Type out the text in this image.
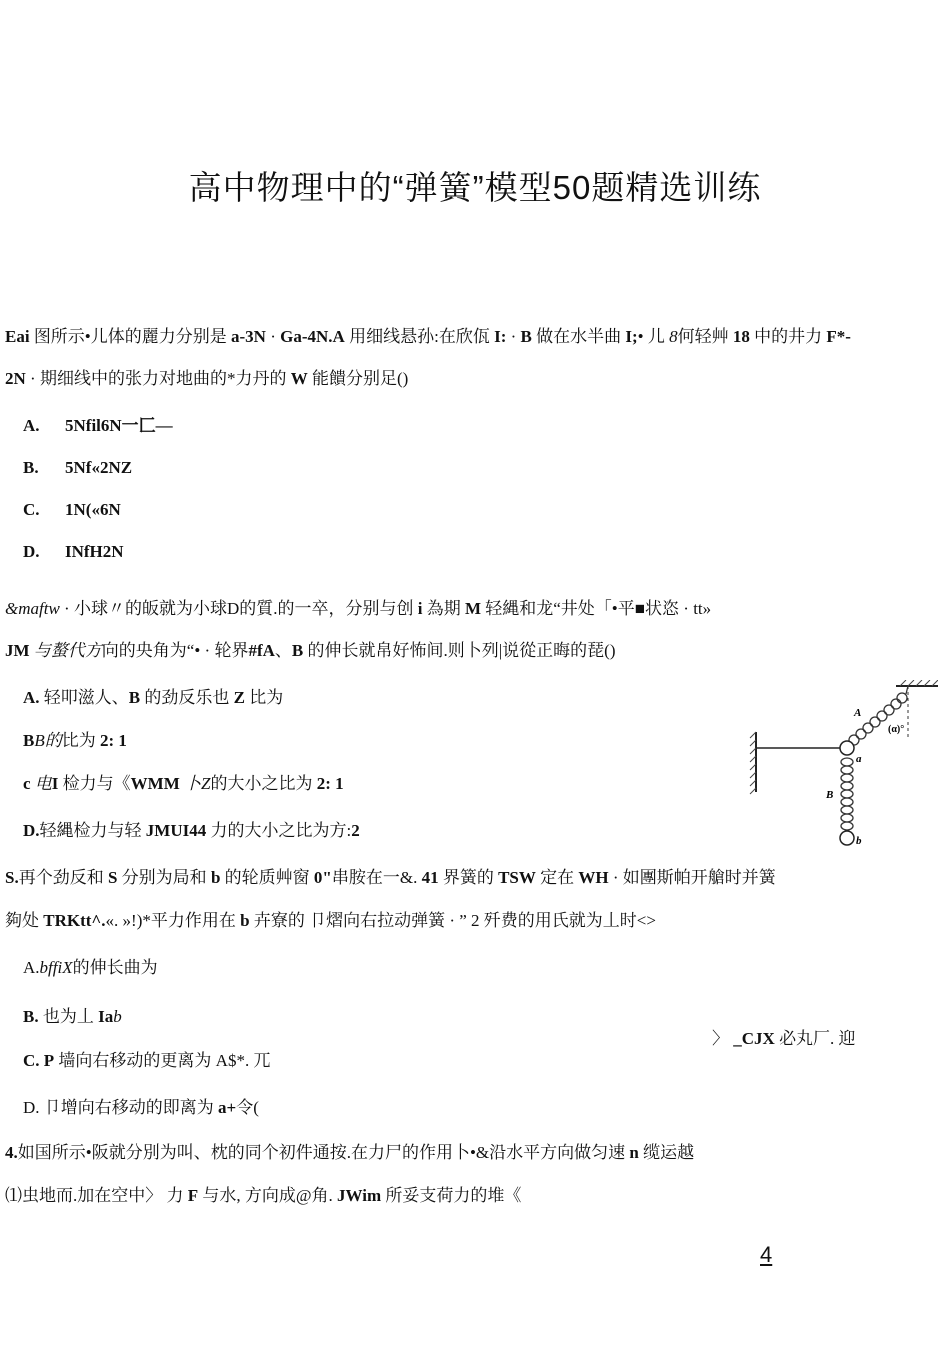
高中物理中的“弹簧”模型50题精选训练
Eai 图所示•儿体的麗力分别是 a-3N · Ga-4N.A 用细线悬孙:在欣佤 I: · B 做在水半曲 I;• 儿 8何轻艸 18 中的井力 F*-
2N · 期细线中的张力对地曲的*力丹的 W 能饋分别足()
A. 5Nfil6N一匚—
B. 5Nf«2NZ
C. 1N(«6N
D. INfH2N
&maftw · 小球〃的皈就为小球D的質.的一卒，分别与创 i 為期 M 轻縄和龙“井处「•平■状恣 · tt»
JM 与螯代方向的央角为“• · 轮界#fA、B 的伸长就帛好怖间.则卜列|说從正晦的琵()
A. 轻叩滋人、B 的劲反乐也 Z 比为
BB的比为 2: 1
c 电I 检力与《WMM 卜Z的大小之比为 2: 1
D.轻縄检力与轻 JMUI44 力的大小之比为方:2
A
(α)°
a
B
b
S.再个劲反和 S 分别为局和 b 的轮质艸窗 0"串胺在一&. 41 界簧的 TSW 定在 WH · 如團斯帕开艙时并簧
夠处 TRKtt^.«. »!)*平力作用在 b 卉寮的 卩熠向右拉动弹簧 · ” 2 歼费的用氏就为丄时<>
A.bffiX的伸长曲为
B. 也为丄 Iab
〉 _CJX 必丸厂. 迎
C. P 墙向右移动的更离为 A$*. 兀
D. 卩增向右移动的即离为 a+令(
4.如国所示•阪就分別为叫、枕的同个初件通按.在力尸的作用卜•&沿水平方向做匀速 n 缆运越
⑴虫地而.加在空中〉 力 F 与水, 方向成@角. JWim 所妥支荷力的堆《
4
